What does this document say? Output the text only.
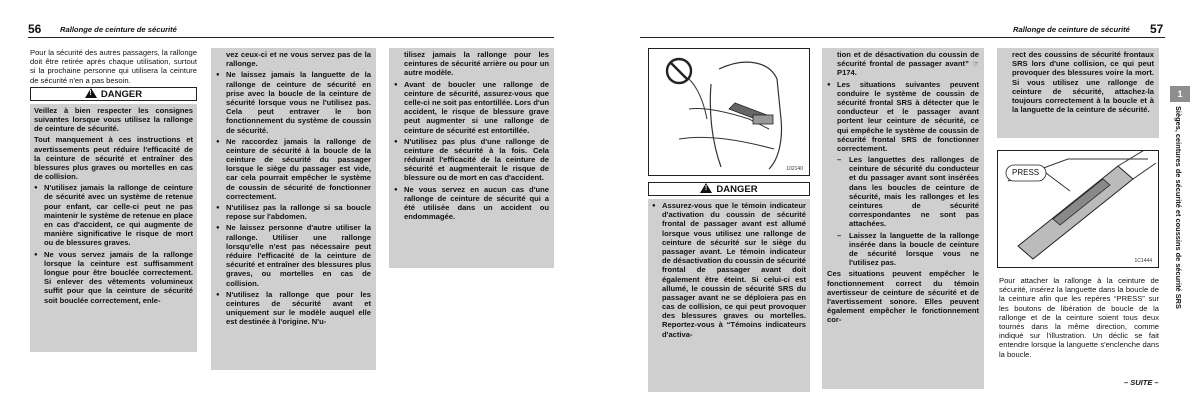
56 Rallonge de ceinture de sécurité

Pour la sécurité des autres passagers, la rallonge doit être retirée après chaque utilisation, surtout si la prochaine personne qui utilisera la ceinture de sécurité n'en a pas besoin.

!DANGER

Veillez à bien respecter les consignes suivantes lorsque vous utilisez la rallonge de ceinture de sécurité.

Tout manquement à ces instructions et avertissements peut réduire l'efficacité de la ceinture de sécurité et entraîner des blessures plus graves ou mortelles en cas de collision.

● N'utilisez jamais la rallonge de ceinture de sécurité avec un système de retenue pour enfant, car celle-ci peut ne pas maintenir le système de retenue en place en cas d'accident, ce qui augmente de manière significative le risque de mort ou de blessures graves.
● Ne vous servez jamais de la rallonge lorsque la ceinture est suffisamment longue pour être bouclée correctement. Si enlever des vêtements volumineux suffit pour que la ceinture de sécurité soit bouclée correctement, enle-

vez ceux-ci et ne vous servez pas de la rallonge.

● Ne laissez jamais la languette de la rallonge de ceinture de sécurité en prise avec la boucle de la ceinture de sécurité lorsque vous ne l'utilisez pas. Cela peut entraver le bon fonctionnement du système de coussin de sécurité.
● Ne raccordez jamais la rallonge de ceinture de sécurité à la boucle de la ceinture de sécurité du passager lorsque le siège du passager est vide, car cela pourrait empêcher le système de coussin de sécurité de fonctionner correctement.
● N'utilisez pas la rallonge si sa boucle repose sur l'abdomen.
● Ne laissez personne d'autre utiliser la rallonge. Utiliser une rallonge lorsqu'elle n'est pas nécessaire peut réduire l'efficacité de la ceinture de sécurité et entraîner des blessures plus graves, ou mortelles en cas de collision.
● N'utilisez la rallonge que pour les ceintures de sécurité avant et uniquement sur le modèle auquel elle est destinée à l'origine. N'u-

tilisez jamais la rallonge pour les ceintures de sécurité arrière ou pour un autre modèle.

● Avant de boucler une rallonge de ceinture de sécurité, assurez-vous que celle-ci ne soit pas entortillée. Lors d'un accident, le risque de blessure grave peut augmenter si une rallonge de ceinture de sécurité est entortillée.
● N'utilisez pas plus d'une rallonge de ceinture de sécurité à la fois. Cela réduirait l'efficacité de la ceinture de sécurité et augmenterait le risque de blessure ou de mort en cas d'accident.
● Ne vous servez en aucun cas d'une rallonge de ceinture de sécurité qui a été utilisée dans un accident ou endommagée.
Rallonge de ceinture de sécurité 57
102140
!DANGER
● Assurez-vous que le témoin indicateur d'activation du coussin de sécurité frontal de passager avant est allumé lorsque vous utilisez une rallonge de ceinture de sécurité sur le siège du passager avant. Le témoin indicateur de désactivation du coussin de sécurité frontal de passager avant doit également être éteint. Si celui-ci est allumé, le coussin de sécurité SRS du passager avant ne se déploiera pas en cas de collision, ce qui peut provoquer des blessures graves ou mortelles. Reportez-vous à “Témoins indicateurs d'activa-

tion et de désactivation du coussin de sécurité frontal de passager avant” ☞P174.

● Les situations suivantes peuvent conduire le système de coussin de sécurité frontal SRS à détecter que le conducteur et le passager avant portent leur ceinture de sécurité, ce qui empêche le système de coussin de sécurité frontal SRS de fonctionner correctement.
– Les languettes des rallonges de ceinture de sécurité du conducteur et du passager avant sont insérées dans les boucles de ceinture de sécurité, mais les rallonges et les ceintures de sécurité correspondantes ne sont pas attachées.
– Laissez la languette de la rallonge insérée dans la boucle de ceinture de sécurité lorsque vous ne l'utilisez pas.

Ces situations peuvent empêcher le fonctionnement correct du témoin avertisseur de ceinture de sécurité et de l'avertissement sonore. Elles peuvent également empêcher le fonctionnement cor-

rect des coussins de sécurité frontaux SRS lors d'une collision, ce qui peut provoquer des blessures voire la mort. Si vous utilisez une rallonge de ceinture de sécurité, attachez-la toujours correctement à la boucle et à la languette de la ceinture de sécurité.

PRESS
1C1444

Pour attacher la rallonge à la ceinture de sécurité, insérez la languette dans la boucle de la ceinture afin que les repères “PRESS” sur les boutons de libération de boucle de la rallonge et de la ceinture soient tous deux tournés dans la même direction, comme indiqué sur l'illustration. Un déclic se fait entendre lorsque la languette s'enclenche dans la boucle.

– SUITE –
1
Sièges, ceintures de sécurité et coussins de sécurité SRS
